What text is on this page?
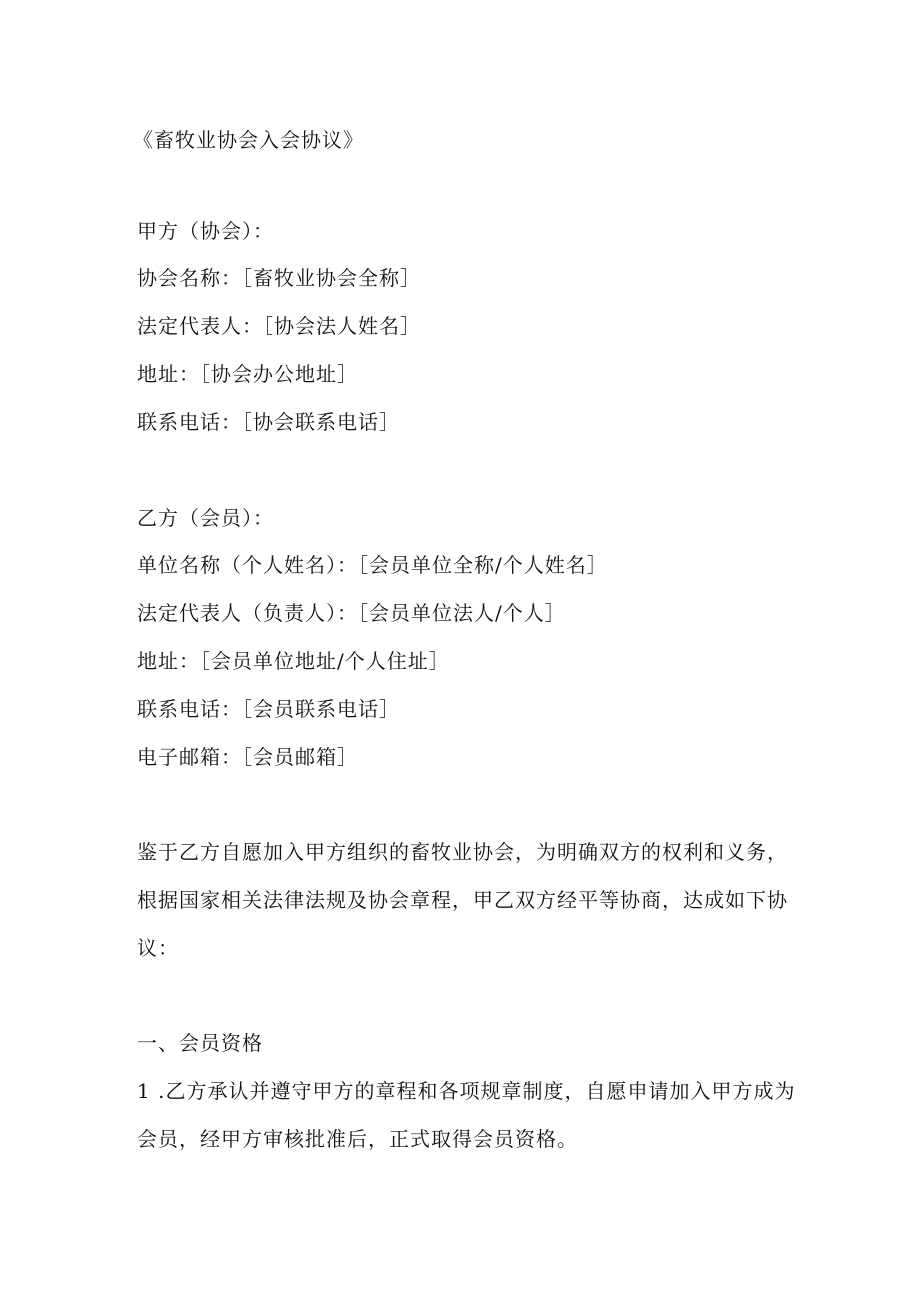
《畜牧业协会入会协议》
甲方（协会）：
协会名称：［畜牧业协会全称］
法定代表人：［协会法人姓名］
地址：［协会办公地址］
联系电话：［协会联系电话］
乙方（会员）：
单位名称（个人姓名）：［会员单位全称/个人姓名］
法定代表人（负责人）：［会员单位法人/个人］
地址：［会员单位地址/个人住址］
联系电话：［会员联系电话］
电子邮箱：［会员邮箱］
鉴于乙方自愿加入甲方组织的畜牧业协会，为明确双方的权利和义务，
根据国家相关法律法规及协会章程，甲乙双方经平等协商，达成如下协
议：
一、会员资格
1 .乙方承认并遵守甲方的章程和各项规章制度，自愿申请加入甲方成为
会员，经甲方审核批准后，正式取得会员资格。
